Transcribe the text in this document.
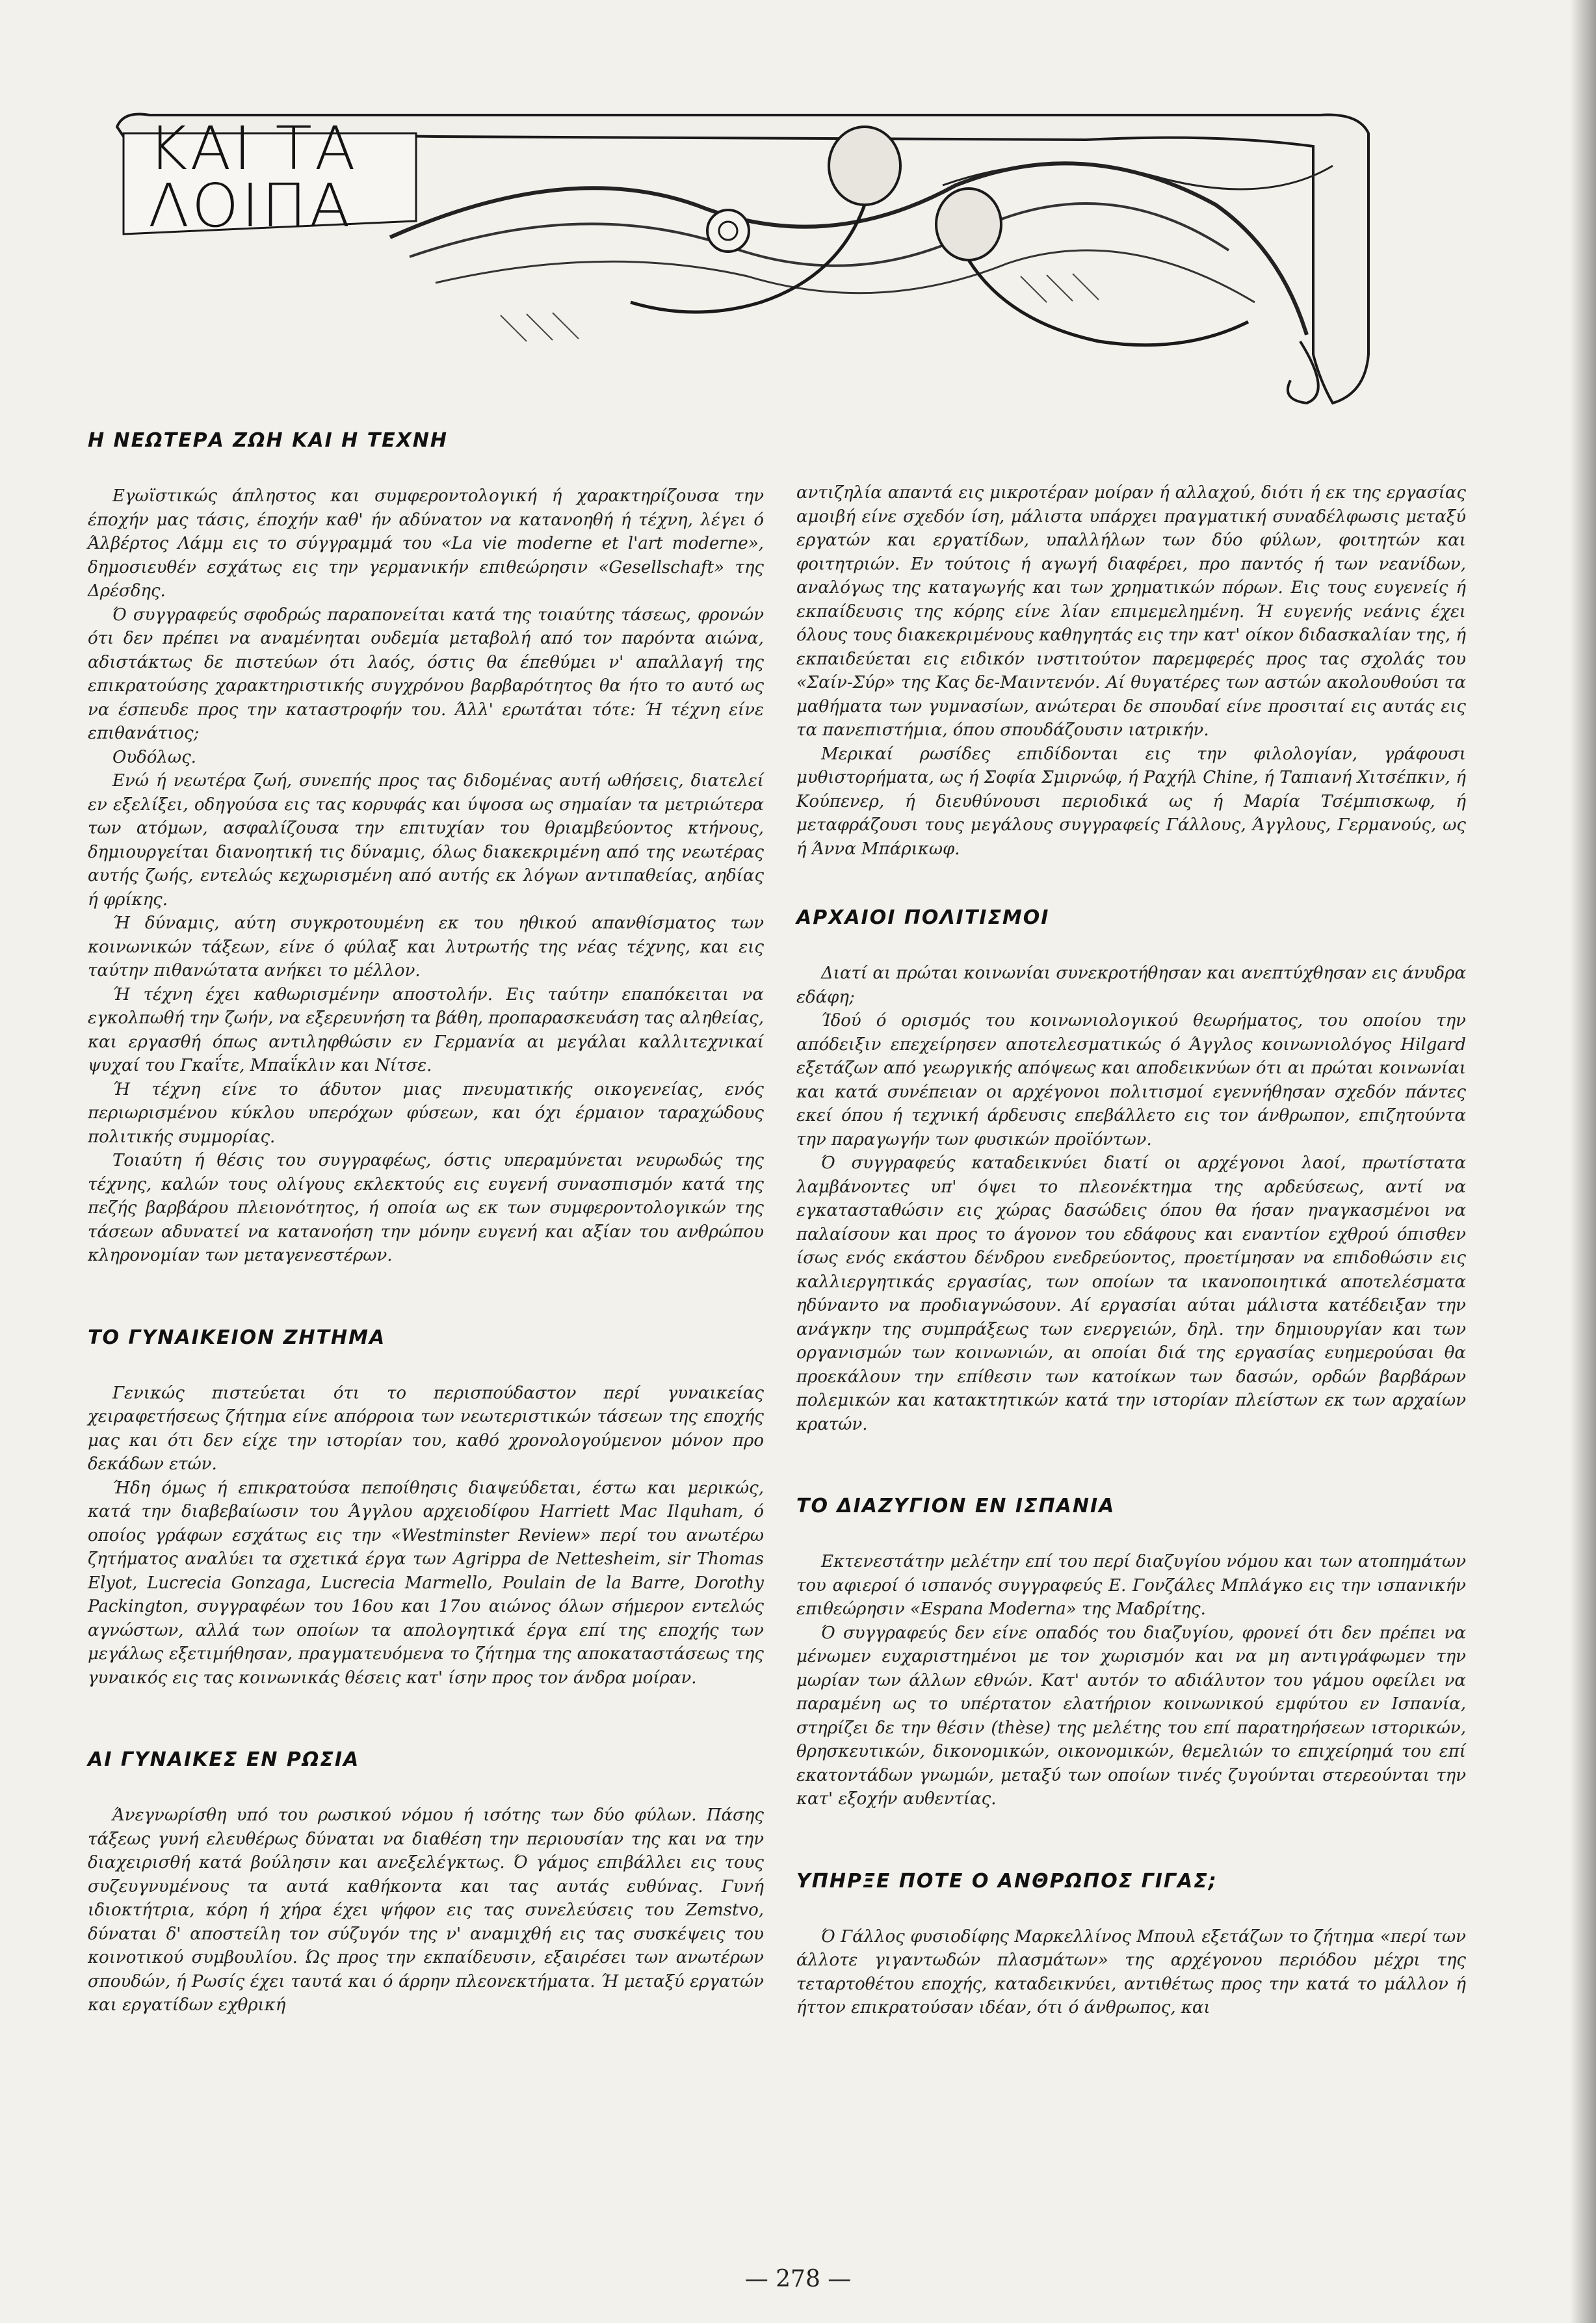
ΚΑΙ ΤΑ
ΛΟΙΠΑ
Η ΝΕΩΤΕΡΑ ΖΩΗ ΚΑΙ Η ΤΕΧΝΗ

Εγωϊστικώς άπληστος και συμφεροντολογική ή χαρακτηρίζουσα την έποχήν μας τάσις, έποχήν καθ' ήν αδύνατον να κατανοηθή ή τέχνη, λέγει ό Άλβέρτος Λάμμ εις το σύγγραμμά του «La vie moderne et l'art moderne», δημοσιευθέν εσχάτως εις την γερμανικήν επιθεώρησιν «Gesellschaft» της Δρέσδης.

Ό συγγραφεύς σφοδρώς παραπονείται κατά της τοιαύτης τάσεως, φρονών ότι δεν πρέπει να αναμένηται ουδεμία μεταβολή από τον παρόντα αιώνα, αδιστάκτως δε πιστεύων ότι λαός, όστις θα έπεθύμει ν' απαλλαγή της επικρατούσης χαρακτηριστικής συγχρόνου βαρβαρότητος θα ήτο το αυτό ως να έσπευδε προς την καταστροφήν του. Άλλ' ερωτάται τότε: Ή τέχνη είνε επιθανάτιος;

Ουδόλως.

Ενώ ή νεωτέρα ζωή, συνεπής προς τας διδομένας αυτή ωθήσεις, διατελεί εν εξελίξει, οδηγούσα εις τας κορυφάς και ύψοσα ως σημαίαν τα μετριώτερα των ατόμων, ασφαλίζουσα την επιτυχίαν του θριαμβεύοντος κτήνους, δημιουργείται διανοητική τις δύναμις, όλως διακεκριμένη από της νεωτέρας αυτής ζωής, εντελώς κεχωρισμένη από αυτής εκ λόγων αντιπαθείας, αηδίας ή φρίκης.

Ή δύναμις, αύτη συγκροτουμένη εκ του ηθικού απανθίσματος των κοινωνικών τάξεων, είνε ό φύλαξ και λυτρωτής της νέας τέχνης, και εις ταύτην πιθανώτατα ανήκει το μέλλον.

Ή τέχνη έχει καθωρισμένην αποστολήν. Εις ταύτην επαπόκειται να εγκολπωθή την ζωήν, να εξερευνήση τα βάθη, προπαρασκευάση τας αληθείας, και εργασθή όπως αντιληφθώσιν εν Γερμανία αι μεγάλαι καλλιτεχνικαί ψυχαί του Γκαΐτε, Μπαΐκλιν και Νίτσε.

Ή τέχνη είνε το άδυτον μιας πνευματικής οικογενείας, ενός περιωρισμένου κύκλου υπερόχων φύσεων, και όχι έρμαιον ταραχώδους πολιτικής συμμορίας.

Τοιαύτη ή θέσις του συγγραφέως, όστις υπεραμύνεται νευρωδώς της τέχνης, καλών τους ολίγους εκλεκτούς εις ευγενή συνασπισμόν κατά της πεζής βαρβάρου πλειονότητος, ή οποία ως εκ των συμφεροντολογικών της τάσεων αδυνατεί να κατανοήση την μόνην ευγενή και αξίαν του ανθρώπου κληρονομίαν των μεταγενεστέρων.

ΤΟ ΓΥΝΑΙΚΕΙΟΝ ΖΗΤΗΜΑ

Γενικώς πιστεύεται ότι το περισπούδαστον περί γυναικείας χειραφετήσεως ζήτημα είνε απόρροια των νεωτεριστικών τάσεων της εποχής μας και ότι δεν είχε την ιστορίαν του, καθό χρονολογούμενον μόνον προ δεκάδων ετών.

Ήδη όμως ή επικρατούσα πεποίθησις διαψεύδεται, έστω και μερικώς, κατά την διαβεβαίωσιν του Άγγλου αρχειοδίφου Harriett Mac Ilquham, ό οποίος γράφων εσχάτως εις την «Westminster Review» περί του ανωτέρω ζητήματος αναλύει τα σχετικά έργα των Agrippa de Nettesheim, sir Thomas Elyot, Lucrecia Gonzaga, Lucrecia Marmello, Poulain de la Barre, Dorothy Packington, συγγραφέων του 16ου και 17ου αιώνος όλων σήμερον εντελώς αγνώστων, αλλά των οποίων τα απολογητικά έργα επί της εποχής των μεγάλως εξετιμήθησαν, πραγματευόμενα το ζήτημα της αποκαταστάσεως της γυναικός εις τας κοινωνικάς θέσεις κατ' ίσην προς τον άνδρα μοίραν.

ΑΙ ΓΥΝΑΙΚΕΣ ΕΝ ΡΩΣΙΑ

Άνεγνωρίσθη υπό του ρωσικού νόμου ή ισότης των δύο φύλων. Πάσης τάξεως γυνή ελευθέρως δύναται να διαθέση την περιουσίαν της και να την διαχειρισθή κατά βούλησιν και ανεξελέγκτως. Ό γάμος επιβάλλει εις τους συζευγνυμένους τα αυτά καθήκοντα και τας αυτάς ευθύνας. Γυνή ιδιοκτήτρια, κόρη ή χήρα έχει ψήφον εις τας συνελεύσεις του Zemstvo, δύναται δ' αποστείλη τον σύζυγόν της ν' αναμιχθή εις τας συσκέψεις του κοινοτικού συμβουλίου. Ώς προς την εκπαίδευσιν, εξαιρέσει των ανωτέρων σπουδών, ή Ρωσίς έχει ταυτά και ό άρρην πλεονεκτήματα. Ή μεταξύ εργατών και εργατίδων εχθρική

αντιζηλία απαντά εις μικροτέραν μοίραν ή αλλαχού, διότι ή εκ της εργασίας αμοιβή είνε σχεδόν ίση, μάλιστα υπάρχει πραγματική συναδέλφωσις μεταξύ εργατών και εργατίδων, υπαλλήλων των δύο φύλων, φοιτητών και φοιτητριών. Εν τούτοις ή αγωγή διαφέρει, προ παντός ή των νεανίδων, αναλόγως της καταγωγής και των χρηματικών πόρων. Εις τους ευγενείς ή εκπαίδευσις της κόρης είνε λίαν επιμεμελημένη. Ή ευγενής νεάνις έχει όλους τους διακεκριμένους καθηγητάς εις την κατ' οίκον διδασκαλίαν της, ή εκπαιδεύεται εις ειδικόν ινστιτούτον παρεμφερές προς τας σχολάς του «Σαίν-Σύρ» της Κας δε-Μαιντενόν. Αί θυγατέρες των αστών ακολουθούσι τα μαθήματα των γυμνασίων, ανώτεραι δε σπουδαί είνε προσιταί εις αυτάς εις τα πανεπιστήμια, όπου σπουδάζουσιν ιατρικήν.

Μερικαί ρωσίδες επιδίδονται εις την φιλολογίαν, γράφουσι μυθιστορήματα, ως ή Σοφία Σμιρνώφ, ή Ραχήλ Chine, ή Ταπιανή Χιτσέπκιν, ή Κούπενερ, ή διευθύνουσι περιοδικά ως ή Μαρία Τσέμπισκωφ, ή μεταφράζουσι τους μεγάλους συγγραφείς Γάλλους, Άγγλους, Γερμανούς, ως ή Άννα Μπάρικωφ.

ΑΡΧΑΙΟΙ ΠΟΛΙΤΙΣΜΟΙ

Διατί αι πρώται κοινωνίαι συνεκροτήθησαν και ανεπτύχθησαν εις άνυδρα εδάφη;

Ίδού ό ορισμός του κοινωνιολογικού θεωρήματος, του οποίου την απόδειξιν επεχείρησεν αποτελεσματικώς ό Άγγλος κοινωνιολόγος Hilgard εξετάζων από γεωργικής απόψεως και αποδεικνύων ότι αι πρώται κοινωνίαι και κατά συνέπειαν οι αρχέγονοι πολιτισμοί εγεννήθησαν σχεδόν πάντες εκεί όπου ή τεχνική άρδευσις επεβάλλετο εις τον άνθρωπον, επιζητούντα την παραγωγήν των φυσικών προϊόντων.

Ό συγγραφεύς καταδεικνύει διατί οι αρχέγονοι λαοί, πρωτίστατα λαμβάνοντες υπ' όψει το πλεονέκτημα της αρδεύσεως, αντί να εγκατασταθώσιν εις χώρας δασώδεις όπου θα ήσαν ηναγκασμένοι να παλαίσουν και προς το άγονον του εδάφους και εναντίον εχθρού όπισθεν ίσως ενός εκάστου δένδρου ενεδρεύοντος, προετίμησαν να επιδοθώσιν εις καλλιεργητικάς εργασίας, των οποίων τα ικανοποιητικά αποτελέσματα ηδύναντο να προδιαγνώσουν. Αί εργασίαι αύται μάλιστα κατέδειξαν την ανάγκην της συμπράξεως των ενεργειών, δηλ. την δημιουργίαν και των οργανισμών των κοινωνιών, αι οποίαι διά της εργασίας ευημερούσαι θα προεκάλουν την επίθεσιν των κατοίκων των δασών, ορδών βαρβάρων πολεμικών και κατακτητικών κατά την ιστορίαν πλείστων εκ των αρχαίων κρατών.

ΤΟ ΔΙΑΖΥΓΙΟΝ ΕΝ ΙΣΠΑΝΙΑ

Εκτενεστάτην μελέτην επί του περί διαζυγίου νόμου και των ατοπημάτων του αφιεροί ό ισπανός συγγραφεύς Ε. Γονζάλες Μπλάγκο εις την ισπανικήν επιθεώρησιν «Espana Moderna» της Μαδρίτης.

Ό συγγραφεύς δεν είνε οπαδός του διαζυγίου, φρονεί ότι δεν πρέπει να μένωμεν ευχαριστημένοι με τον χωρισμόν και να μη αντιγράφωμεν την μωρίαν των άλλων εθνών. Κατ' αυτόν το αδιάλυτον του γάμου οφείλει να παραμένη ως το υπέρτατον ελατήριον κοινωνικού εμφύτου εν Ισπανία, στηρίζει δε την θέσιν (thèse) της μελέτης του επί παρατηρήσεων ιστορικών, θρησκευτικών, δικονομικών, οικονομικών, θεμελιών το επιχείρημά του επί εκατοντάδων γνωμών, μεταξύ των οποίων τινές ζυγούνται στερεούνται την κατ' εξοχήν αυθεντίας.

ΥΠΗΡΞΕ ΠΟΤΕ Ο ΑΝΘΡΩΠΟΣ ΓΙΓΑΣ;

Ό Γάλλος φυσιοδίφης Μαρκελλίνος Μπουλ εξετάζων το ζήτημα «περί των άλλοτε γιγαντωδών πλασμάτων» της αρχέγονου περιόδου μέχρι της τεταρτοθέτου εποχής, καταδεικνύει, αντιθέτως προς την κατά το μάλλον ή ήττον επικρατούσαν ιδέαν, ότι ό άνθρωπος, και

— 278 —
